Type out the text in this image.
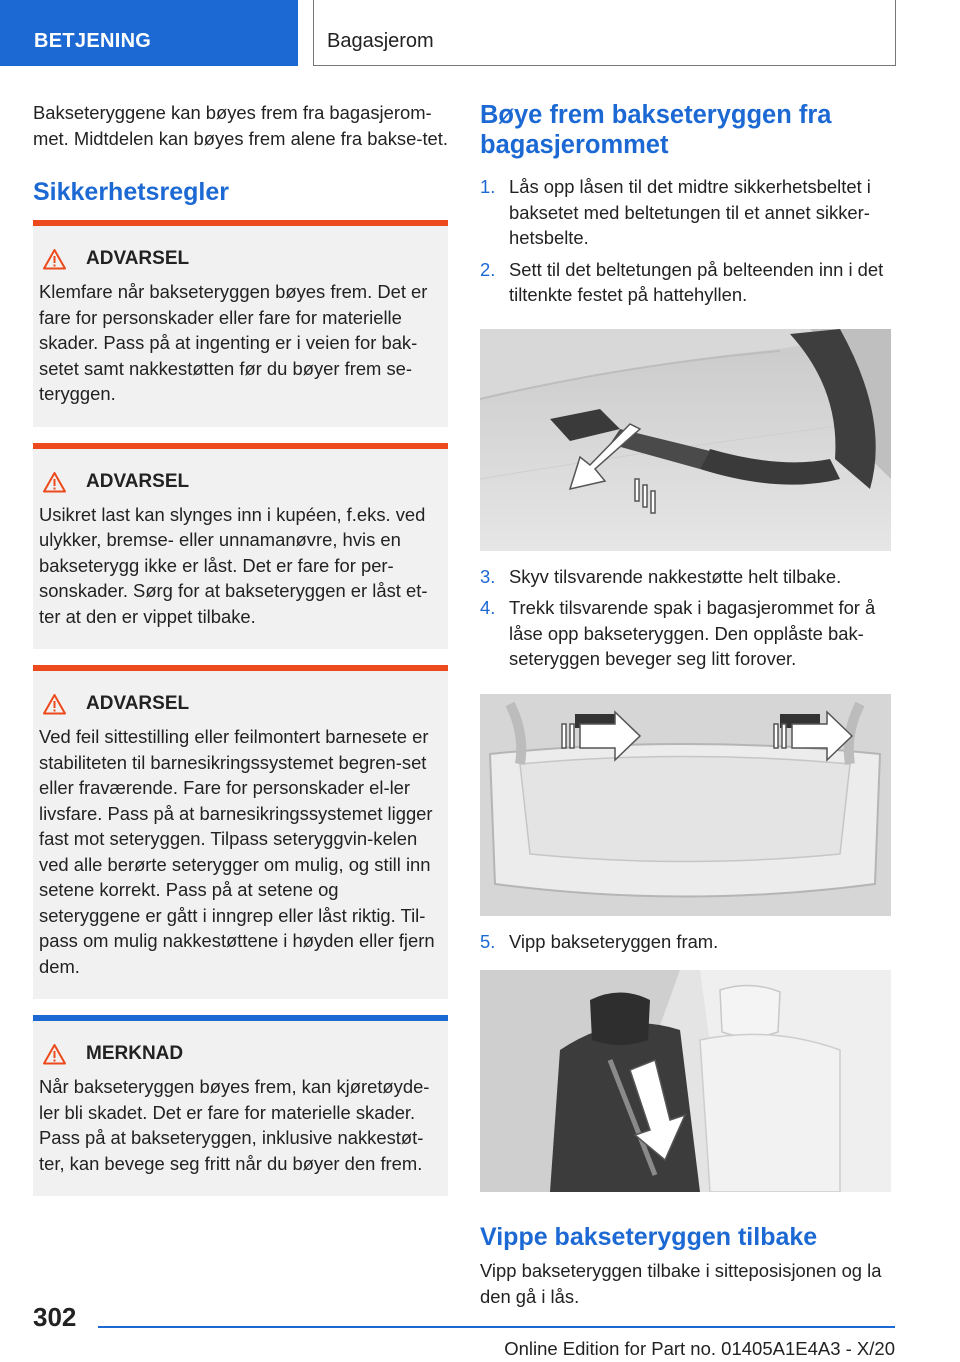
BETJENING	Bagasjerom

Bakseteryggene kan bøyes frem fra bagasjerom-met. Midtdelen kan bøyes frem alene fra bakse-tet.

Sikkerhetsregler
ADVARSEL
Klemfare når bakseteryggen bøyes frem. Det er fare for personskader eller fare for materielle skader. Pass på at ingenting er i veien for bak-setet samt nakkestøtten før du bøyer frem se-teryggen.
ADVARSEL
Usikret last kan slynges inn i kupéen, f.eks. ved ulykker, bremse- eller unnamanøvre, hvis en bakseterygg ikke er låst. Det er fare for per-sonskader. Sørg for at bakseteryggen er låst et-ter at den er vippet tilbake.
ADVARSEL
Ved feil sittestilling eller feilmontert barnesete er stabiliteten til barnesikringssystemet begren-set eller fraværende. Fare for personskader el-ler livsfare. Pass på at barnesikringssystemet ligger fast mot seteryggen. Tilpass seteryggvin-kelen ved alle berørte seterygger om mulig, og still inn setene korrekt. Pass på at setene og seteryggene er gått i inngrep eller låst riktig. Til-pass om mulig nakkestøttene i høyden eller fjern dem.
MERKNAD
Når bakseteryggen bøyes frem, kan kjøretøyde-ler bli skadet. Det er fare for materielle skader. Pass på at bakseteryggen, inklusive nakkestøt-ter, kan bevege seg fritt når du bøyer den frem.
Bøye frem bakseteryggen fra bagasjerommet
1. Lås opp låsen til det midtre sikkerhetsbeltet i baksetet med beltetungen til et annet sikker-hetsbelte.
2. Sett til det beltetungen på belteenden inn i det tiltenkte festet på hattehyllen.
3. Skyv tilsvarende nakkestøtte helt tilbake.
4. Trekk tilsvarende spak i bagasjerommet for å låse opp bakseteryggen. Den opplåste bak-seteryggen beveger seg litt forover.
5. Vipp bakseteryggen fram.
Vippe bakseteryggen tilbake

Vipp bakseteryggen tilbake i sitteposisjonen og la den gå i lås.

302
Online Edition for Part no. 01405A1E4A3 - X/20
